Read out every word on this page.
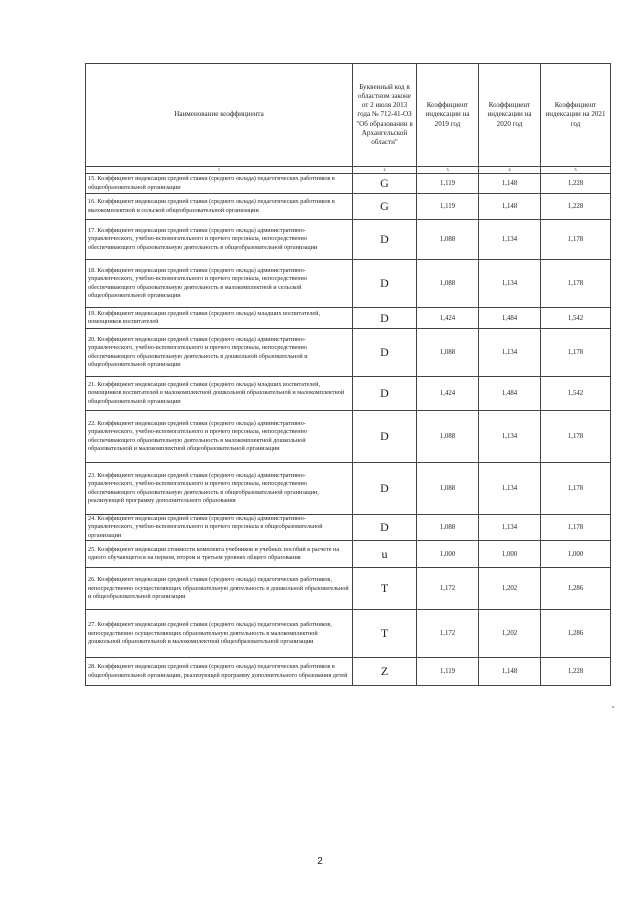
Наименование коэффициента	Буквенный код в областном законе от 2 июля 2013 года № 712-41-ОЗ "Об образовании в Архангельской области"	Коэффициент индексации на 2019 год	Коэффициент индексации на 2020 год	Коэффициент индексации на 2021 год
1	2	3	4	5
15. Коэффициент индексации средней ставки (среднего оклада) педагогических работников в общеобразовательной организации	G	1,119	1,148	1,228
16. Коэффициент индексации средней ставки (среднего оклада) педагогических работников в малокомплектной и сельской общеобразовательной организации	G	1,119	1,148	1,228
17. Коэффициент индексации средней ставки (среднего оклада) административно-управленческого, учебно-вспомогательного и прочего персонала, непосредственно обеспечивающего образовательную деятельность в общеобразовательной организации	D	1,088	1,134	1,178
18. Коэффициент индексации средней ставки (среднего оклада) административно-управленческого, учебно-вспомогательного и прочего персонала, непосредственно обеспечивающего образовательную деятельность в малокомплектной и сельской общеобразовательной организации	D	1,088	1,134	1,178
19. Коэффициент индексации средней ставки (среднего оклада) младших воспитателей, помощников воспитателей	D	1,424	1,484	1,542
20. Коэффициент индексации средней ставки (среднего оклада) административно-управленческого, учебно-вспомогательного и прочего персонала, непосредственно обеспечивающего образовательную деятельность в дошкольной образовательной и общеобразовательной организации	D	1,088	1,134	1,178
21. Коэффициент индексации средней ставки (среднего оклада) младших воспитателей, помощников воспитателей в малокомплектной дошкольной образовательной и малокомплектной общеобразовательной организации	D	1,424	1,484	1,542
22. Коэффициент индексации средней ставки (среднего оклада) административно-управленческого, учебно-вспомогательного и прочего персонала, непосредственно обеспечивающего образовательную деятельность в малокомплектной дошкольной образовательной и малокомплектной общеобразовательной организации	D	1,088	1,134	1,178
23. Коэффициент индексации средней ставки (среднего оклада) административно-управленческого, учебно-вспомогательного и прочего персонала, непосредственно обеспечивающего образовательную деятельность в общеобразовательной организации, реализующей программу дополнительного образования	D	1,088	1,134	1,178
24. Коэффициент индексации средней ставки (среднего оклада) административно-управленческого, учебно-вспомогательного и прочего персонала в общеобразовательной организации	D	1,088	1,134	1,178
25. Коэффициент индексации стоимости комплекта учебников и учебных пособий в расчете на одного обучающегося на первом, втором и третьем уровнях общего образования	u	1,000	1,000	1,000
26. Коэффициент индексации средней ставки (среднего оклада) педагогических работников, непосредственно осуществляющих образовательную деятельность в дошкольной образовательной и общеобразовательной организации	T	1,172	1,202	1,286
27. Коэффициент индексации средней ставки (среднего оклада) педагогических работников, непосредственно осуществляющих образовательную деятельность в малокомплектной дошкольной образовательной и малокомплектной общеобразовательной организации	T	1,172	1,202	1,286
28. Коэффициент индексации средней ставки (среднего оклада) педагогических работников в общеобразовательной организации, реализующей программу дополнительного образования детей	Z	1,119	1,148	1,228
»
2
